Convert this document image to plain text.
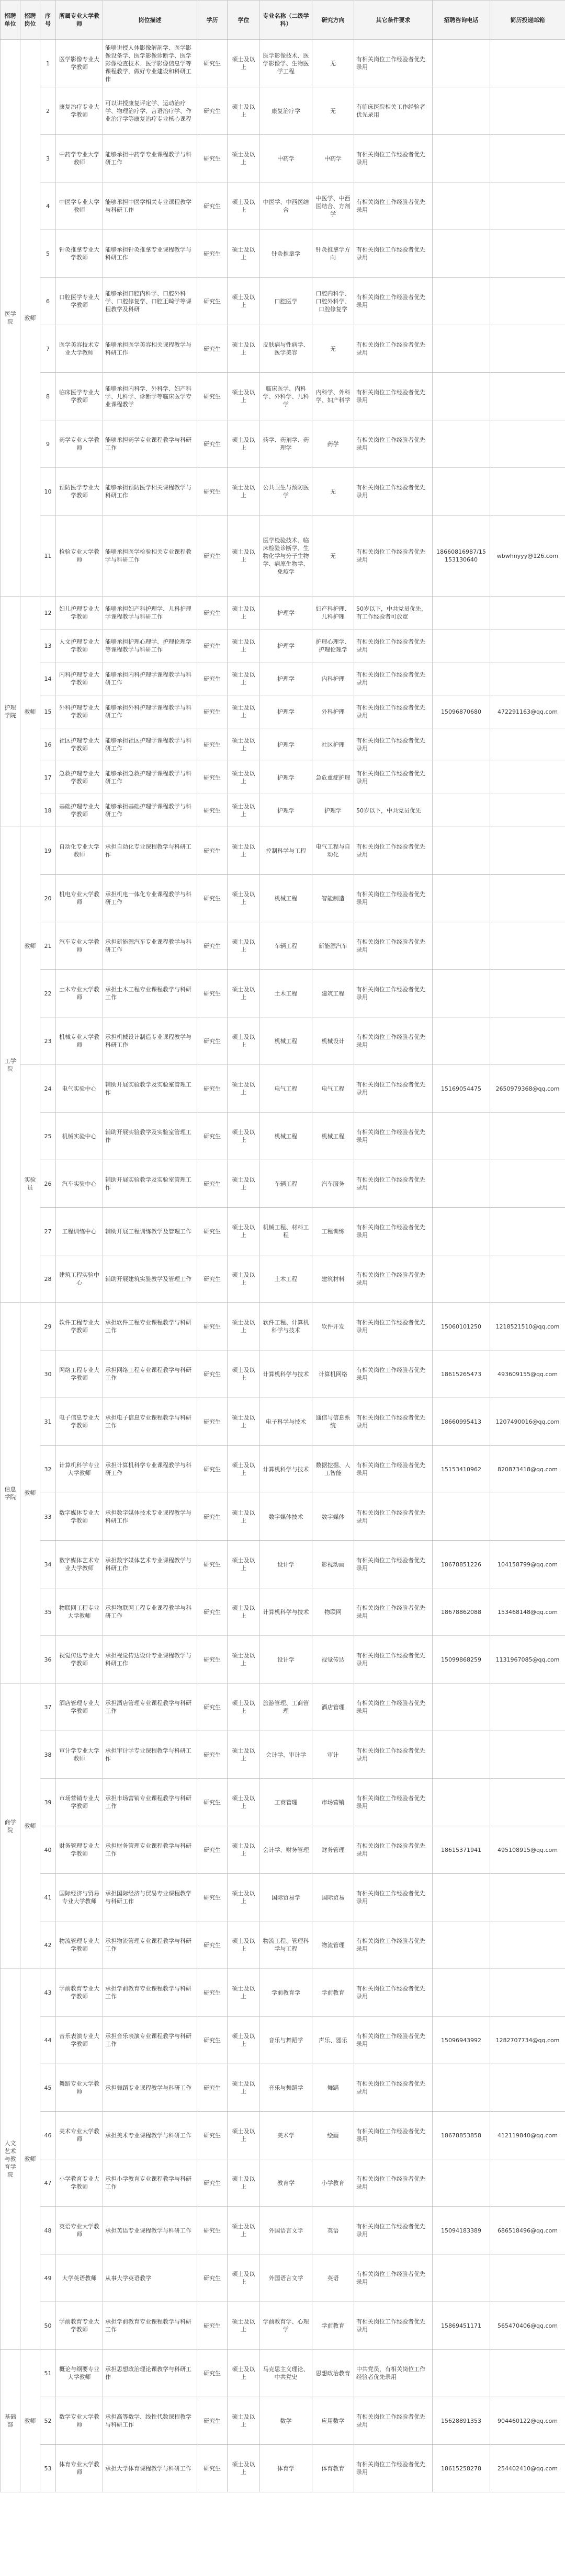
招聘单位	招聘岗位	序号	所属专业大学教师	岗位描述	学历	学位	专业名称（二级学科）	研究方向	其它条件要求	招聘咨询电话	简历投递邮箱
医学院	教师	1	医学影像专业大学教师	能够讲授人体影像解剖学、医学影像设备学、医学影像诊断学、医学影像检查技术、医学影像信息学等课程教学，做好专业建设和科研工作	研究生	硕士及以上	医学影像技术、医学影像学、生物医学工程	无	有相关岗位工作经验者优先录用		
		2	康复治疗专业大学教师	可以讲授康复评定学、运动治疗学、物理治疗学、言语治疗学、作业治疗学等康复治疗专业核心课程	研究生	硕士及以上	康复治疗学	无	有临床医院相关工作经验者优先录用		
		3	中药学专业大学教师	能够承担中药学专业课程教学与科研工作	研究生	硕士及以上	中药学	中药学	有相关岗位工作经验者优先录用		
		4	中医学专业大学教师	能够承担中医学相关专业课程教学与科研工作	研究生	硕士及以上	中医学、中西医结合	中医学、中西医结合、方剂学	有相关岗位工作经验者优先录用		
		5	针灸推拿专业大学教师	能够承担针灸推拿专业课程教学与科研工作	研究生	硕士及以上	针灸推拿学	针灸推拿学方向	有相关岗位工作经验者优先录用		
		6	口腔医学专业大学教师	能够承担口腔内科学、口腔外科学、口腔修复学、口腔正畸学等课程教学及科研	研究生	硕士及以上	口腔医学	口腔内科学、口腔外科学、口腔修复学	有相关岗位工作经验者优先录用		
		7	医学美容技术专业大学教师	能够承担医学美容相关课程教学与科研工作	研究生	硕士及以上	皮肤病与性病学、医学美容	无	有相关岗位工作经验者优先录用		
		8	临床医学专业大学教师	能够承担内科学、外科学、妇产科学、儿科学、诊断学等临床医学专业课程教学	研究生	硕士及以上	临床医学、内科学、外科学、儿科学	内科学、外科学、妇产科学	有相关岗位工作经验者优先录用		
		9	药学专业大学教师	能够承担药学专业课程教学与科研工作	研究生	硕士及以上	药学、药剂学、药理学	药学	有相关岗位工作经验者优先录用		
		10	预防医学专业大学教师	能够承担预防医学相关课程教学与科研工作	研究生	硕士及以上	公共卫生与预防医学	无	有相关岗位工作经验者优先录用		
		11	检验专业大学教师	能够承担医学检验相关专业课程教学与科研工作	研究生	硕士及以上	医学检验技术、临床检验诊断学、生物化学与分子生物学、病原生物学、免疫学	无	有相关岗位工作经验者优先录用	18660816987/15153130640	wbwhnyyy@126.com
护理学院	教师	12	妇儿护理专业大学教师	能够承担妇产科护理学、儿科护理学课程教学与科研工作	研究生	硕士及以上	护理学	妇产科护理、儿科护理	50岁以下，中共党员优先，有工作经验者可放宽		
		13	人文护理专业大学教师	能够承担护理心理学、护理伦理学等课程教学与科研工作	研究生	硕士及以上	护理学	护理心理学、护理伦理学	有相关岗位工作经验者优先录用		
		14	内科护理专业大学教师	能够承担内科护理学课程教学与科研工作	研究生	硕士及以上	护理学	内科护理	有相关岗位工作经验者优先录用		
		15	外科护理专业大学教师	能够承担外科护理学课程教学与科研工作	研究生	硕士及以上	护理学	外科护理	有相关岗位工作经验者优先录用	15096870680	472291163@qq.com
		16	社区护理专业大学教师	能够承担社区护理学课程教学与科研工作	研究生	硕士及以上	护理学	社区护理	有相关岗位工作经验者优先录用		
		17	急救护理专业大学教师	能够承担急救护理学课程教学与科研工作	研究生	硕士及以上	护理学	急危重症护理	有相关岗位工作经验者优先录用		
		18	基础护理专业大学教师	能够承担基础护理学课程教学与科研工作	研究生	硕士及以上	护理学	护理学	50岁以下，中共党员优先		
工学院	教师	19	自动化专业大学教师	承担自动化专业课程教学与科研工作	研究生	硕士及以上	控制科学与工程	电气工程与自动化	有相关岗位工作经验者优先录用		
		20	机电专业大学教师	承担机电一体化专业课程教学与科研工作	研究生	硕士及以上	机械工程	智能制造	有相关岗位工作经验者优先录用		
		21	汽车专业大学教师	承担新能源汽车专业课程教学与科研工作	研究生	硕士及以上	车辆工程	新能源汽车	有相关岗位工作经验者优先录用		
		22	土木专业大学教师	承担土木工程专业课程教学与科研工作	研究生	硕士及以上	土木工程	建筑工程	有相关岗位工作经验者优先录用		
		23	机械专业大学教师	承担机械设计制造专业课程教学与科研工作	研究生	硕士及以上	机械工程	机械设计	有相关岗位工作经验者优先录用		
	实验员	24	电气实验中心	辅助开展实验教学及实验室管理工作	研究生	硕士及以上	电气工程	电气工程	有相关岗位工作经验者优先录用	15169054475	2650979368@qq.com
		25	机械实验中心	辅助开展实验教学及实验室管理工作	研究生	硕士及以上	机械工程	机械工程	有相关岗位工作经验者优先录用		
		26	汽车实验中心	辅助开展实验教学及实验室管理工作	研究生	硕士及以上	车辆工程	汽车服务	有相关岗位工作经验者优先录用		
		27	工程训练中心	辅助开展工程训练教学及管理工作	研究生	硕士及以上	机械工程、材料工程	工程训练	有相关岗位工作经验者优先录用		
		28	建筑工程实验中心	辅助开展建筑实验教学及管理工作	研究生	硕士及以上	土木工程	建筑材料	有相关岗位工作经验者优先录用		
信息学院	教师	29	软件工程专业大学教师	承担软件工程专业课程教学与科研工作	研究生	硕士及以上	软件工程、计算机科学与技术	软件开发	有相关岗位工作经验者优先录用	15060101250	1218521510@qq.com
		30	网络工程专业大学教师	承担网络工程专业课程教学与科研工作	研究生	硕士及以上	计算机科学与技术	计算机网络	有相关岗位工作经验者优先录用	18615265473	493609155@qq.com
		31	电子信息专业大学教师	承担电子信息专业课程教学与科研工作	研究生	硕士及以上	电子科学与技术	通信与信息系统	有相关岗位工作经验者优先录用	18660995413	1207490016@qq.com
		32	计算机科学专业大学教师	承担计算机科学专业课程教学与科研工作	研究生	硕士及以上	计算机科学与技术	数据挖掘、人工智能	有相关岗位工作经验者优先录用	15153410962	820873418@qq.com
		33	数字媒体专业大学教师	承担数字媒体技术专业课程教学与科研工作	研究生	硕士及以上	数字媒体技术	数字媒体	有相关岗位工作经验者优先录用		
		34	数字媒体艺术专业大学教师	承担数字媒体艺术专业课程教学与科研工作	研究生	硕士及以上	设计学	影视动画	有相关岗位工作经验者优先录用	18678851226	104158799@qq.com
		35	物联网工程专业大学教师	承担物联网工程专业课程教学与科研工作	研究生	硕士及以上	计算机科学与技术	物联网	有相关岗位工作经验者优先录用	18678862088	153468148@qq.com
		36	视觉传达专业大学教师	承担视觉传达设计专业课程教学与科研工作	研究生	硕士及以上	设计学	视觉传达	有相关岗位工作经验者优先录用	15099868259	1131967085@qq.com
商学院	教师	37	酒店管理专业大学教师	承担酒店管理专业课程教学与科研工作	研究生	硕士及以上	旅游管理、工商管理	酒店管理	有相关岗位工作经验者优先录用		
		38	审计学专业大学教师	承担审计学专业课程教学与科研工作	研究生	硕士及以上	会计学、审计学	审计	有相关岗位工作经验者优先录用		
		39	市场营销专业大学教师	承担市场营销专业课程教学与科研工作	研究生	硕士及以上	工商管理	市场营销	有相关岗位工作经验者优先录用		
		40	财务管理专业大学教师	承担财务管理专业课程教学与科研工作	研究生	硕士及以上	会计学、财务管理	财务管理	有相关岗位工作经验者优先录用	18615371941	495108915@qq.com
		41	国际经济与贸易专业大学教师	承担国际经济与贸易专业课程教学与科研工作	研究生	硕士及以上	国际贸易学	国际贸易	有相关岗位工作经验者优先录用		
		42	物流管理专业大学教师	承担物流管理专业课程教学与科研工作	研究生	硕士及以上	物流工程、管理科学与工程	物流管理	有相关岗位工作经验者优先录用		
人文艺术与教育学院	教师	43	学前教育专业大学教师	承担学前教育专业课程教学与科研工作	研究生	硕士及以上	学前教育学	学前教育	有相关岗位工作经验者优先录用		
		44	音乐表演专业大学教师	承担音乐表演专业课程教学与科研工作	研究生	硕士及以上	音乐与舞蹈学	声乐、器乐	有相关岗位工作经验者优先录用	15096943992	1282707734@qq.com
		45	舞蹈专业大学教师	承担舞蹈专业课程教学与科研工作	研究生	硕士及以上	音乐与舞蹈学	舞蹈	有相关岗位工作经验者优先录用		
		46	美术专业大学教师	承担美术专业课程教学与科研工作	研究生	硕士及以上	美术学	绘画	有相关岗位工作经验者优先录用	18678853858	412119840@qq.com
		47	小学教育专业大学教师	承担小学教育专业课程教学与科研工作	研究生	硕士及以上	教育学	小学教育	有相关岗位工作经验者优先录用		
		48	英语专业大学教师	承担英语专业课程教学与科研工作	研究生	硕士及以上	外国语言文学	英语	有相关岗位工作经验者优先录用	15094183389	686518496@qq.com
		49	大学英语教师	从事大学英语教学	研究生	硕士及以上	外国语言文学	英语	有相关岗位工作经验者优先录用		
		50	学前教育专业大学教师	承担学前教育专业课程教学与科研工作	研究生	硕士及以上	学前教育学、心理学	学前教育	有相关岗位工作经验者优先录用	15869451171	565470406@qq.com
基础部	教师	51	概论与纲要专业大学教师	承担思想政治理论课教学与科研工作	研究生	硕士及以上	马克思主义理论、中共党史	思想政治教育	中共党员，有相关岗位工作经验者优先录用		
		52	数学专业大学教师	承担高等数学、线性代数课程教学与科研工作	研究生	硕士及以上	数学	应用数学	有相关岗位工作经验者优先录用	15628891353	904460122@qq.com
		53	体育专业大学教师	承担大学体育课程教学与科研工作	研究生	硕士及以上	体育学	体育教育	有相关岗位工作经验者优先录用	18615258278	254402410@qq.com
